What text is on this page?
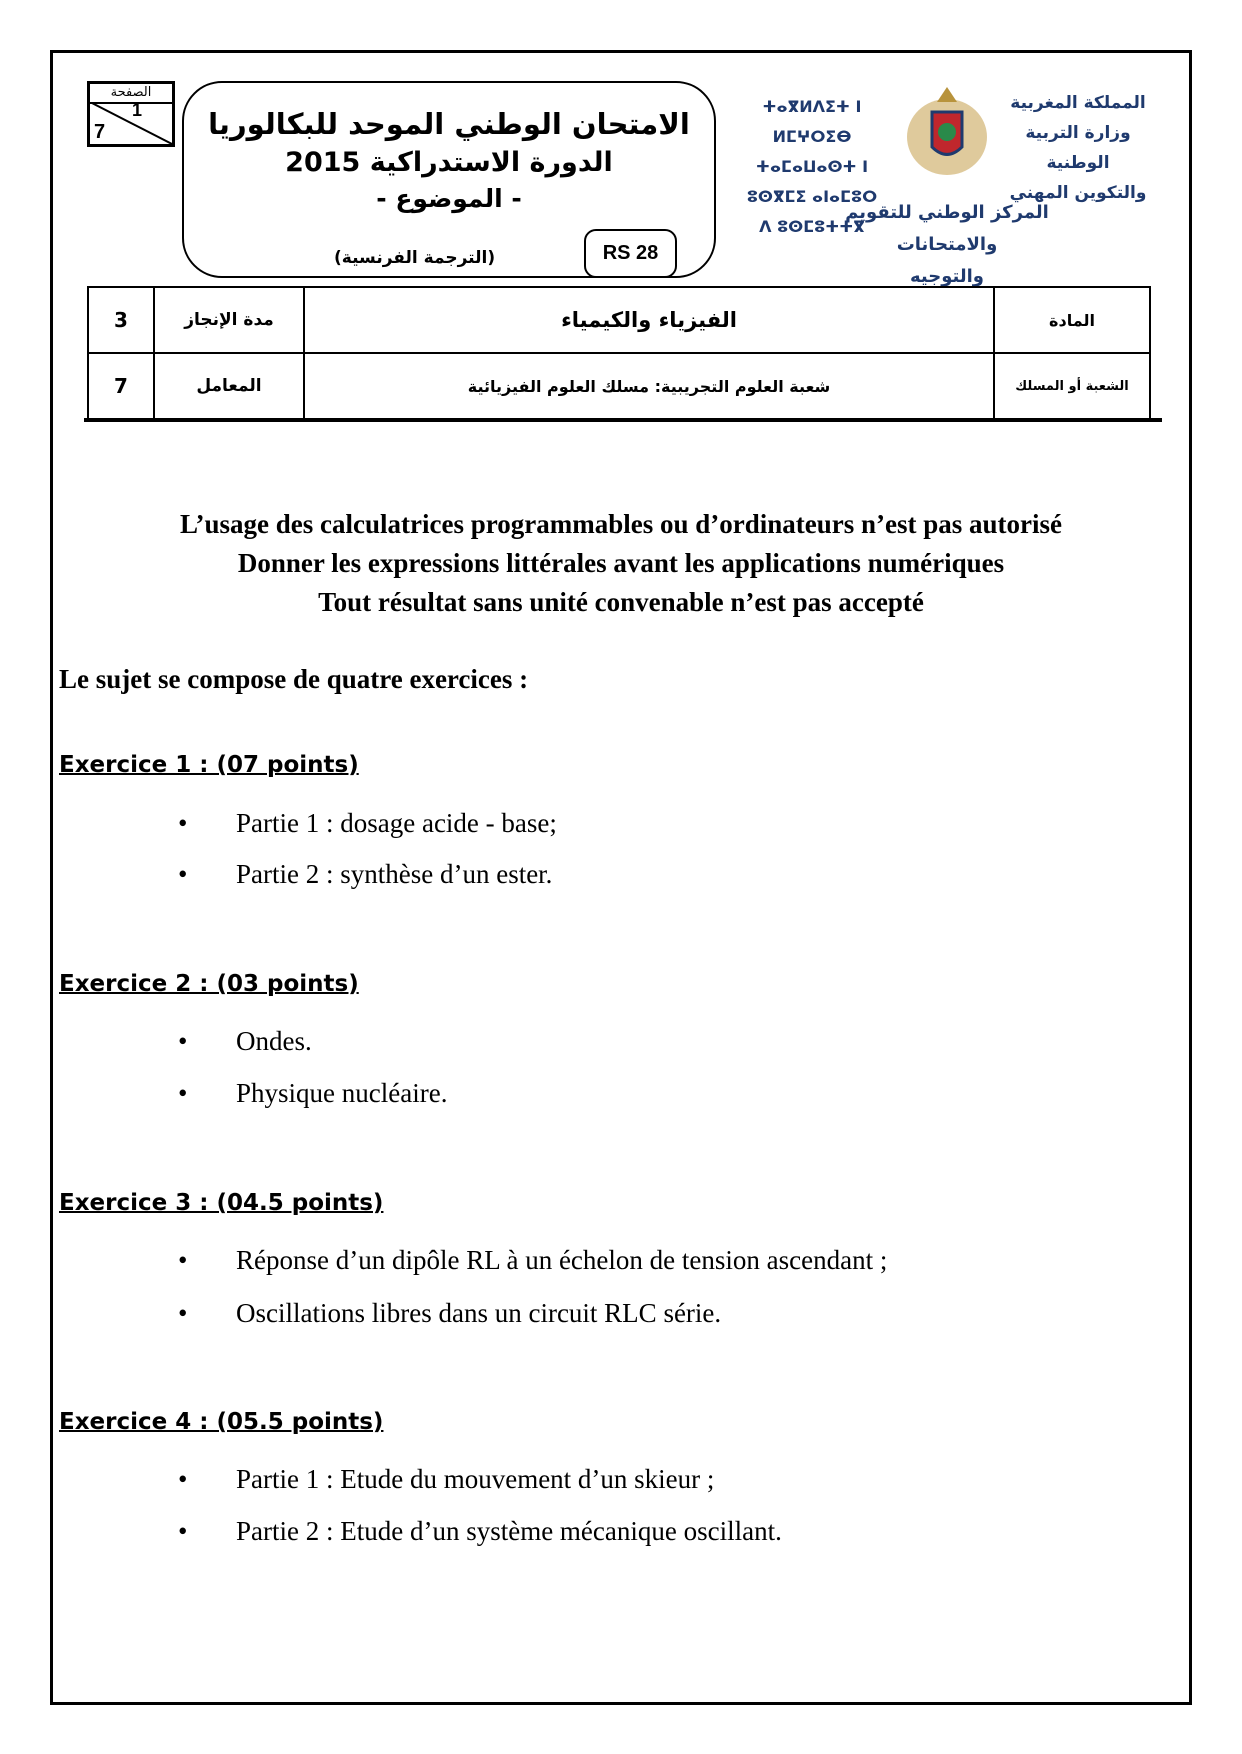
الصفحة
1
7	الامتحان الوطني الموحد للبكالوريا
الدورة الاستدراكية 2015
- الموضوع -
(الترجمة الفرنسية)	RS 28
ⵜⴰⴳⵍⴷⵉⵜ ⵏ ⵍⵎⵖⵔⵉⴱ
ⵜⴰⵎⴰⵡⴰⵙⵜ ⵏ ⵓⵙⴳⵎⵉ ⴰⵏⴰⵎⵓⵔ
ⴷ ⵓⵙⵎⵓⵜⵜⴳ
المملكة المغربية
وزارة التربية الوطنية
والتكوين المهني
المركز الوطني للتقويم والامتحانات
والتوجيه
3	مدة الإنجاز	الفيزياء والكيمياء	المادة
7	المعامل	شعبة العلوم التجريبية: مسلك العلوم الفيزيائية	الشعبة أو المسلك
L’usage des calculatrices programmables ou d’ordinateurs n’est pas autorisé
Donner les expressions littérales avant les applications numériques
Tout résultat sans unité convenable n’est pas accepté
Le sujet se compose de quatre exercices :
Exercice 1 : (07 points)
• Partie 1 : dosage acide - base;
• Partie 2 : synthèse d’un ester.
Exercice 2 : (03 points)
• Ondes.
• Physique nucléaire.
Exercice 3 : (04.5 points)
• Réponse d’un dipôle RL à un échelon de tension ascendant ;
• Oscillations libres dans un circuit RLC série.
Exercice 4 : (05.5 points)
• Partie 1 : Etude du mouvement d’un skieur ;
• Partie 2 : Etude d’un système mécanique oscillant.
